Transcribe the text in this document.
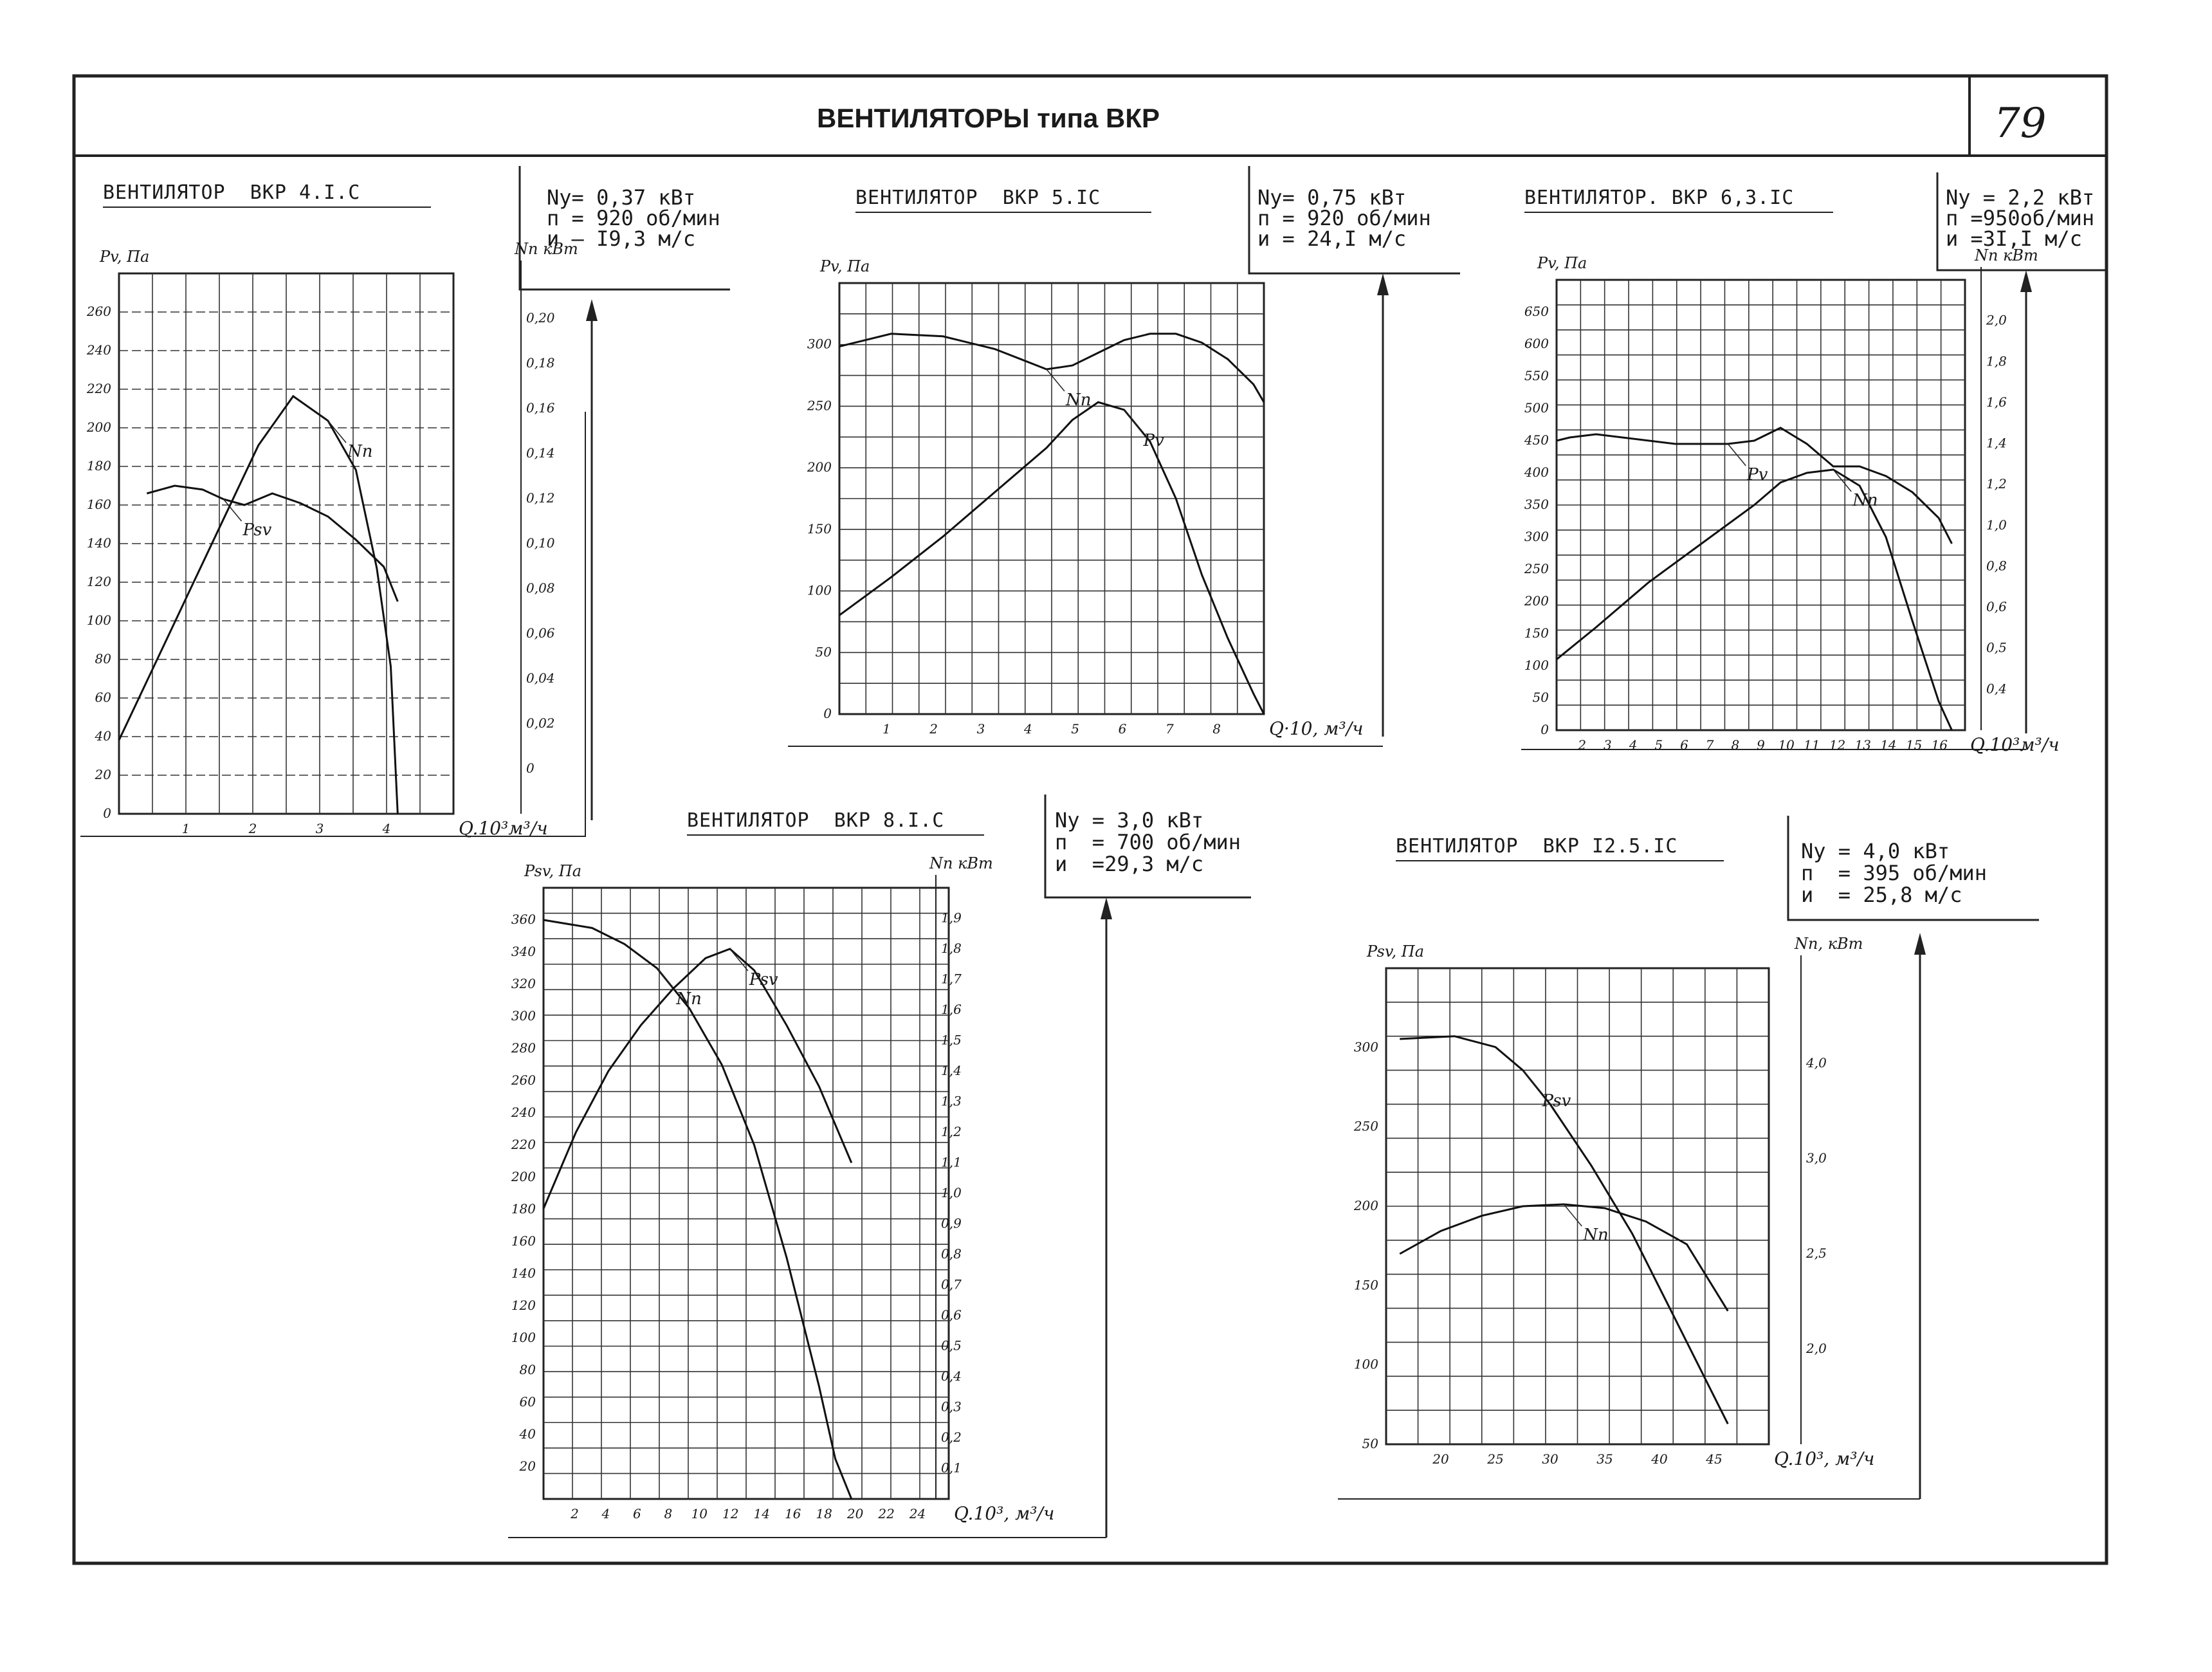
ВЕНТИЛЯТОРЫ типа ВКР	79
ВЕНТИЛЯТОР  ВКР 4.I.C	Nу= 0,37 кВт
п = 920 об/мин
и – I9,3 м/с
ВЕНТИЛЯТОР  ВКР 5.IC	Nу= 0,75 кВт
п = 920 об/мин
и = 24,I м/с
ВЕНТИЛЯТОР. ВКР 6,3.IC	Nу = 2,2 кВт
п =950об/мин
и =3I,I м/с
ВЕНТИЛЯТОР  ВКР 8.I.C	Nу = 3,0 кВт
п  = 700 об/мин
и  =29,3 м/с
ВЕНТИЛЯТОР  ВКР I2.5.IC	Nу = 4,0 кВт
п  = 395 об/мин
и  = 25,8 м/с
0
20
40
60
80
100
120
140
160
180
200
220
240
260
0
0,02
0,04
0,06
0,08
0,10
0,12
0,14
0,16
0,18
0,20
1	2	3	4
Pv, Па	Nп кВт
Q.10³м³/ч
Psv
Nп
0
50
100
150
200
250
300
1	2	3	4	5	6	7	8
Pv, Па
Q·10, м³/ч
Nп
Pv
0
50
100
150
200
250
300
350
400
450
500
550
600
650
0,4
0,5
0,6
0,8
1,0
1,2
1,4
1,6
1,8
2,0
2 3 4 5 6 7 8 9 10 11 12 13 14 15 16
Pv, Па	Nп кВт
Q.10³м³/ч
Pv
Nп
20
40
60
80
100
120
140
160
180
200
220
240
260
280
300
320
340
360
0,1
0,2
0,3
0,4
0,5
0,6
0,7
0,8
0,9
1,0
1,1
1,2
1,3
1,4
1,5
1,6
1,7
1,8
1,9
2 4 6 8 10 12 14 16 18 20 22 24
Psv, Па	Nп кВт
Q.10³, м³/ч
Nп
Psv
50
100
150
200
250
300
2,0
2,5
3,0
4,0
20	25	30	35	40	45
Psv, Па	Nп, кВт
Q.10³, м³/ч
Psv
Nп
